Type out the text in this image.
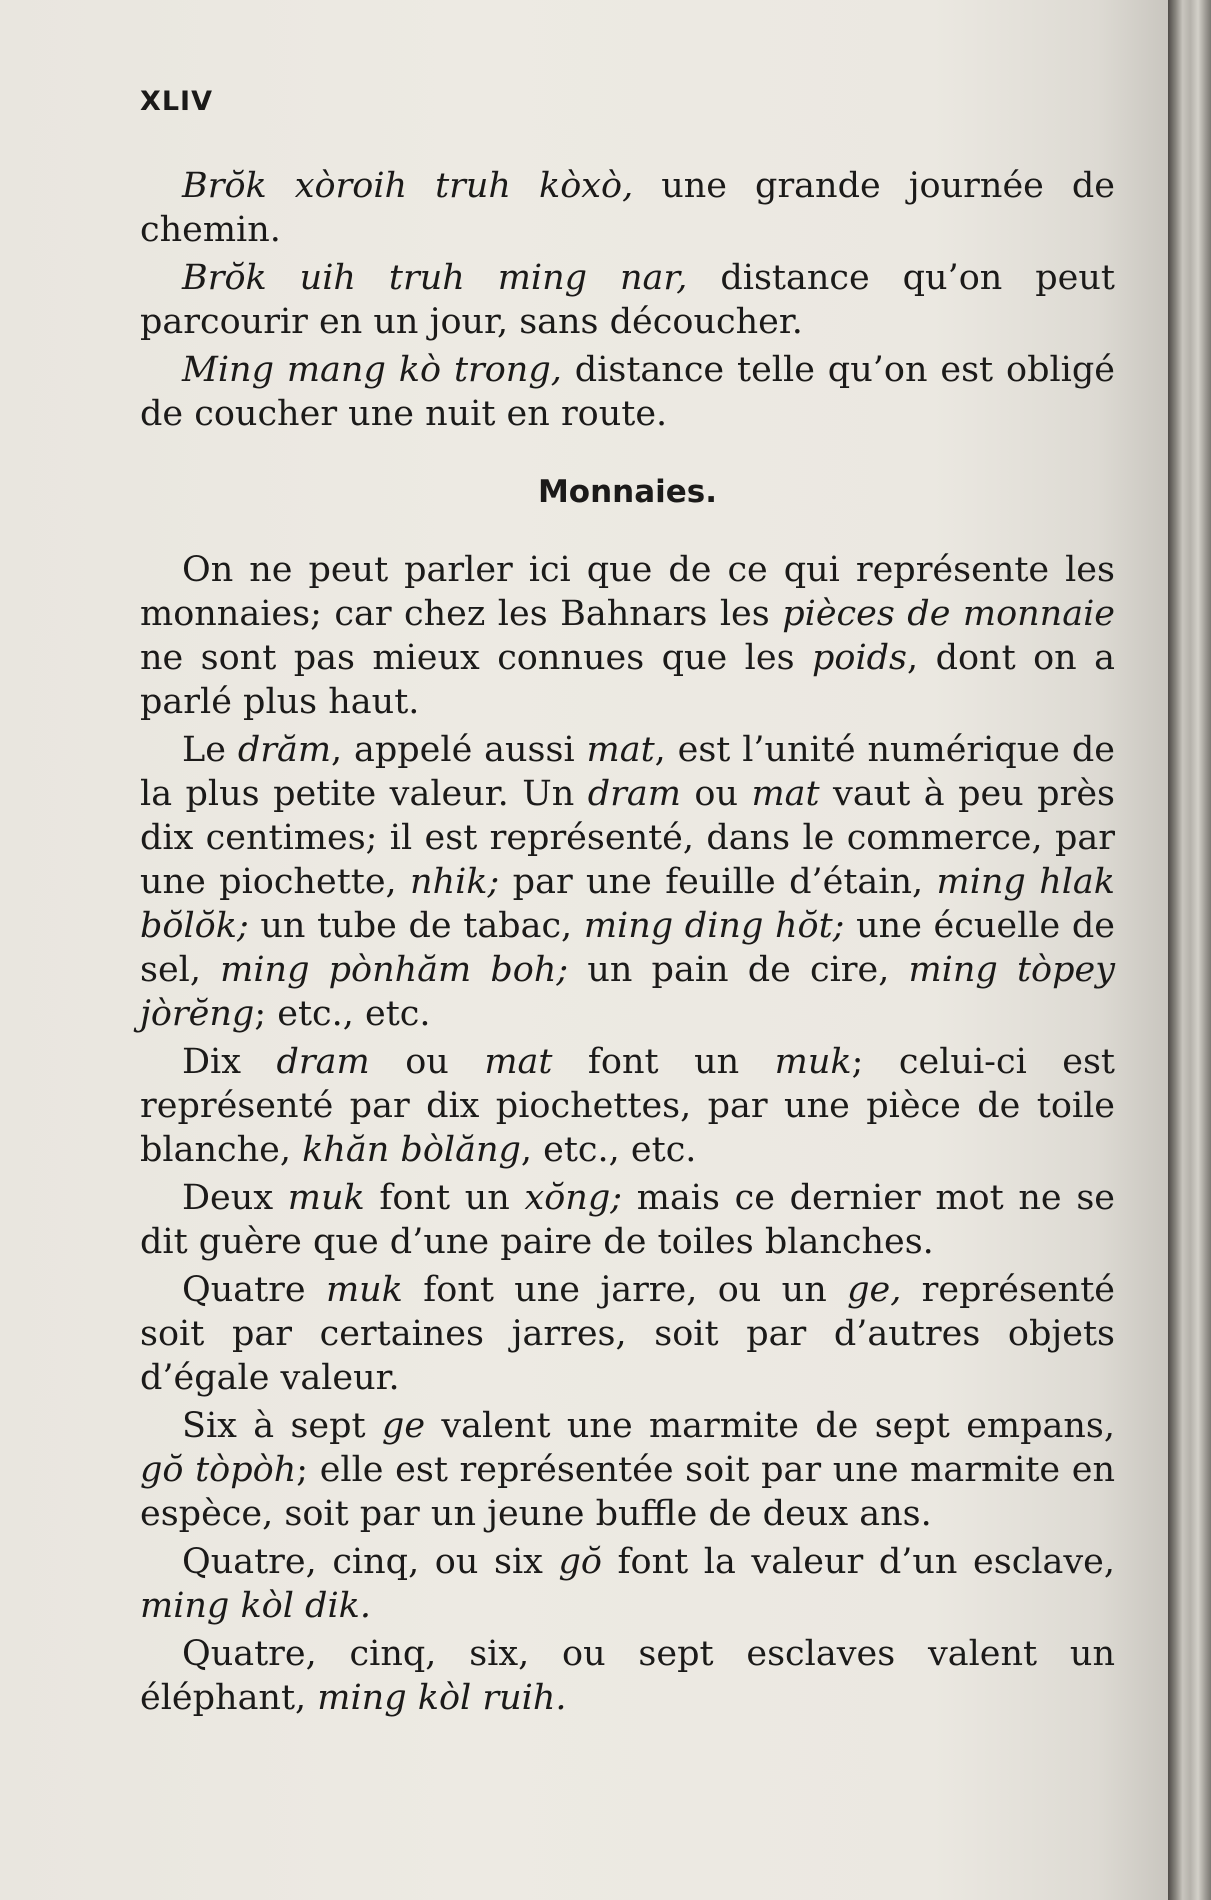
XLIV

Brŏk xòroih truh kòxò, une grande journée de chemin.

Brŏk uih truh ming nar, distance qu’on peut parcourir en un jour, sans découcher.

Ming mang kò trong, distance telle qu’on est obligé de coucher une nuit en route.

Monnaies.

On ne peut parler ici que de ce qui représente les monnaies; car chez les Bahnars les pièces de monnaie ne sont pas mieux connues que les poids, dont on a parlé plus haut.

Le drăm, appelé aussi mat, est l’unité numérique de la plus petite valeur. Un dram ou mat vaut à peu près dix centimes; il est représenté, dans le commerce, par une piochette, nhik; par une feuille d’étain, ming hlak bŏlŏk; un tube de tabac, ming ding hŏt; une écuelle de sel, ming pònhăm boh; un pain de cire, ming tòpey jòrĕng; etc., etc.

Dix dram ou mat font un muk; celui-ci est représenté par dix piochettes, par une pièce de toile blanche, khăn bòlăng, etc., etc.

Deux muk font un xŏng; mais ce dernier mot ne se dit guère que d’une paire de toiles blanches.

Quatre muk font une jarre, ou un ge, représenté soit par certaines jarres, soit par d’autres objets d’égale valeur.

Six à sept ge valent une marmite de sept empans, gŏ tòpòh; elle est représentée soit par une marmite en espèce, soit par un jeune buffle de deux ans.

Quatre, cinq, ou six gŏ font la valeur d’un esclave, ming kòl dik.

Quatre, cinq, six, ou sept esclaves valent un éléphant, ming kòl ruih.
